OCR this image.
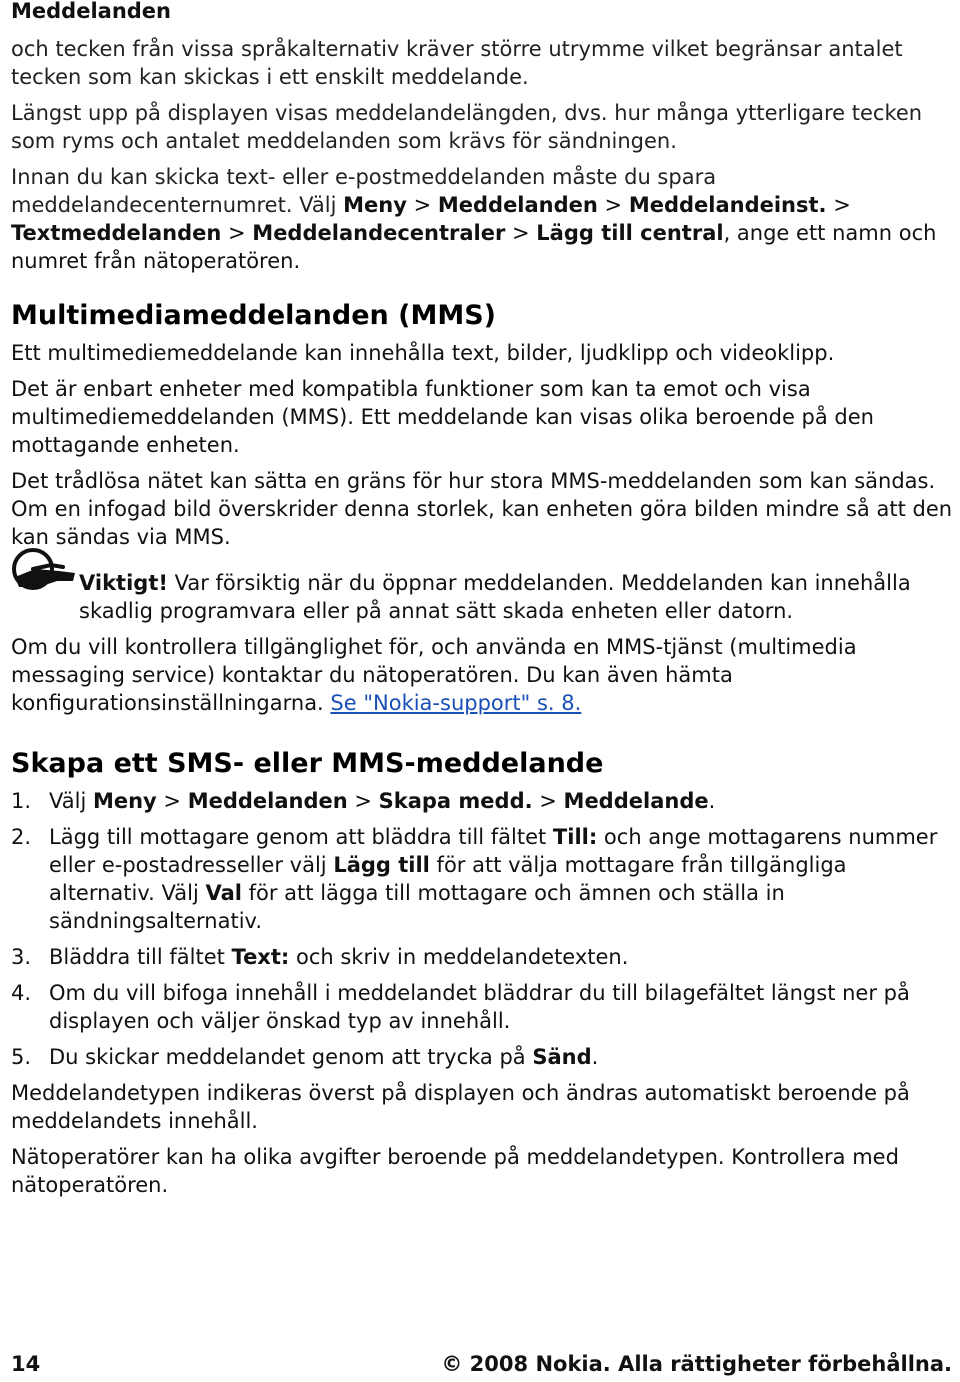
Meddelanden

och tecken från vissa språkalternativ kräver större utrymme vilket begränsar antalet tecken som kan skickas i ett enskilt meddelande.

Längst upp på displayen visas meddelandelängden, dvs. hur många ytterligare tecken som ryms och antalet meddelanden som krävs för sändningen.

Innan du kan skicka text- eller e-postmeddelanden måste du spara meddelandecenternumret. Välj Meny > Meddelanden > Meddelandeinst. > Textmeddelanden > Meddelandecentraler > Lägg till central, ange ett namn och numret från nätoperatören.

Multimediameddelanden (MMS)

Ett multimediemeddelande kan innehålla text, bilder, ljudklipp och videoklipp.

Det är enbart enheter med kompatibla funktioner som kan ta emot och visa multimediemeddelanden (MMS). Ett meddelande kan visas olika beroende på den mottagande enheten.

Det trådlösa nätet kan sätta en gräns för hur stora MMS-meddelanden som kan sändas. Om en infogad bild överskrider denna storlek, kan enheten göra bilden mindre så att den kan sändas via MMS.

Viktigt! Var försiktig när du öppnar meddelanden. Meddelanden kan innehålla skadlig programvara eller på annat sätt skada enheten eller datorn.

Om du vill kontrollera tillgänglighet för, och använda en MMS-tjänst (multimedia messaging service) kontaktar du nätoperatören. Du kan även hämta konfigurationsinställningarna. Se "Nokia-support" s. 8.

Skapa ett SMS- eller MMS-meddelande
1. Välj Meny > Meddelanden > Skapa medd. > Meddelande.
2. Lägg till mottagare genom att bläddra till fältet Till: och ange mottagarens nummer eller e-postadresseller välj Lägg till för att välja mottagare från tillgängliga alternativ. Välj Val för att lägga till mottagare och ämnen och ställa in sändningsalternativ.
3. Bläddra till fältet Text: och skriv in meddelandetexten.
4. Om du vill bifoga innehåll i meddelandet bläddrar du till bilagefältet längst ner på displayen och väljer önskad typ av innehåll.
5. Du skickar meddelandet genom att trycka på Sänd.

Meddelandetypen indikeras överst på displayen och ändras automatiskt beroende på meddelandets innehåll.

Nätoperatörer kan ha olika avgifter beroende på meddelandetypen. Kontrollera med nätoperatören.

14	© 2008 Nokia. Alla rättigheter förbehållna.
